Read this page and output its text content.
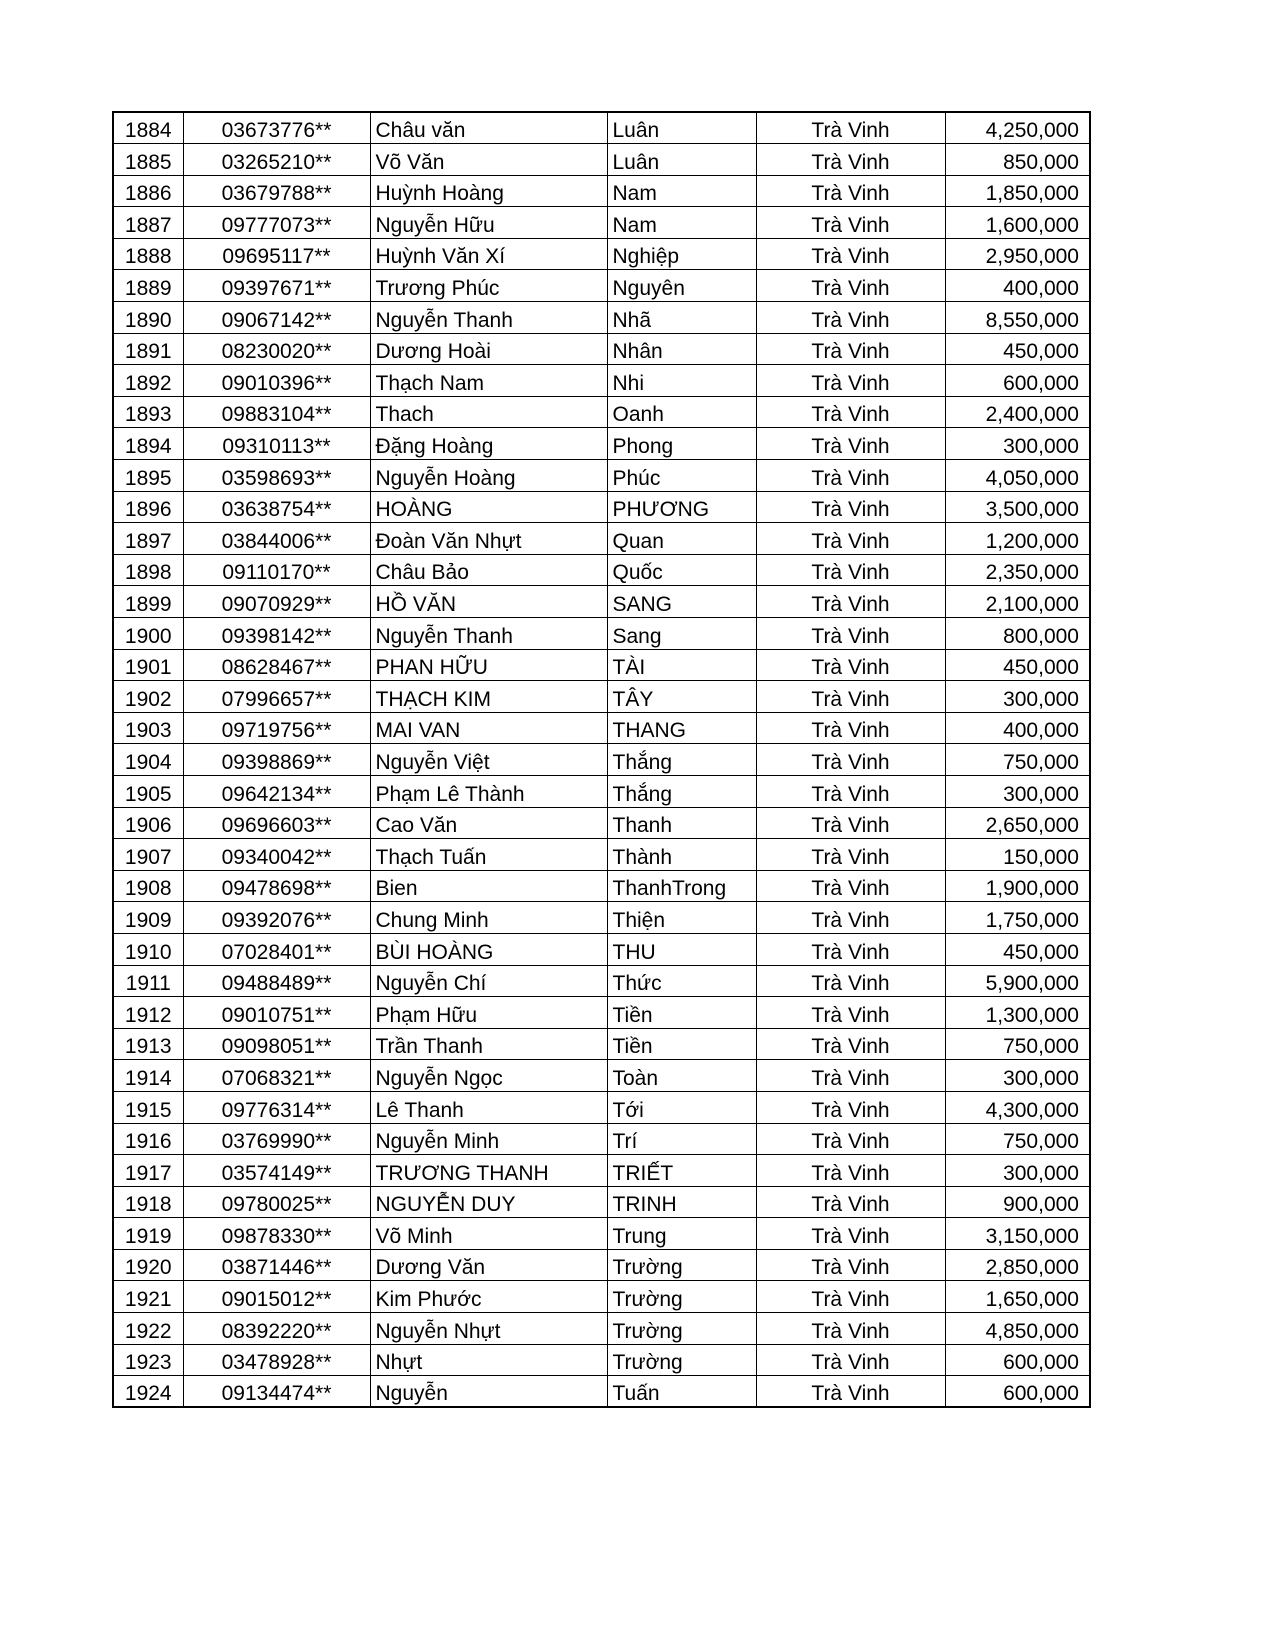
1884	03673776**	Châu văn	Luân	Trà Vinh	4,250,000
1885	03265210**	Võ Văn	Luân	Trà Vinh	850,000
1886	03679788**	Huỳnh Hoàng	Nam	Trà Vinh	1,850,000
1887	09777073**	Nguyễn Hữu	Nam	Trà Vinh	1,600,000
1888	09695117**	Huỳnh Văn Xí	Nghiệp	Trà Vinh	2,950,000
1889	09397671**	Trương Phúc	Nguyên	Trà Vinh	400,000
1890	09067142**	Nguyễn Thanh	Nhã	Trà Vinh	8,550,000
1891	08230020**	Dương Hoài	Nhân	Trà Vinh	450,000
1892	09010396**	Thạch Nam	Nhi	Trà Vinh	600,000
1893	09883104**	Thach	Oanh	Trà Vinh	2,400,000
1894	09310113**	Đặng Hoàng	Phong	Trà Vinh	300,000
1895	03598693**	Nguyễn Hoàng	Phúc	Trà Vinh	4,050,000
1896	03638754**	HOÀNG	PHƯƠNG	Trà Vinh	3,500,000
1897	03844006**	Đoàn Văn Nhựt	Quan	Trà Vinh	1,200,000
1898	09110170**	Châu Bảo	Quốc	Trà Vinh	2,350,000
1899	09070929**	HỒ VĂN	SANG	Trà Vinh	2,100,000
1900	09398142**	Nguyễn Thanh	Sang	Trà Vinh	800,000
1901	08628467**	PHAN HỮU	TÀI	Trà Vinh	450,000
1902	07996657**	THẠCH KIM	TÂY	Trà Vinh	300,000
1903	09719756**	MAI VAN	THANG	Trà Vinh	400,000
1904	09398869**	Nguyễn Việt	Thắng	Trà Vinh	750,000
1905	09642134**	Phạm Lê Thành	Thắng	Trà Vinh	300,000
1906	09696603**	Cao Văn	Thanh	Trà Vinh	2,650,000
1907	09340042**	Thạch Tuấn	Thành	Trà Vinh	150,000
1908	09478698**	Bien	ThanhTrong	Trà Vinh	1,900,000
1909	09392076**	Chung Minh	Thiện	Trà Vinh	1,750,000
1910	07028401**	BÙI HOÀNG	THU	Trà Vinh	450,000
1911	09488489**	Nguyễn Chí	Thức	Trà Vinh	5,900,000
1912	09010751**	Phạm Hữu	Tiền	Trà Vinh	1,300,000
1913	09098051**	Trần Thanh	Tiền	Trà Vinh	750,000
1914	07068321**	Nguyễn Ngọc	Toàn	Trà Vinh	300,000
1915	09776314**	Lê Thanh	Tới	Trà Vinh	4,300,000
1916	03769990**	Nguyễn Minh	Trí	Trà Vinh	750,000
1917	03574149**	TRƯƠNG THANH	TRIẾT	Trà Vinh	300,000
1918	09780025**	NGUYỄN DUY	TRINH	Trà Vinh	900,000
1919	09878330**	Võ Minh	Trung	Trà Vinh	3,150,000
1920	03871446**	Dương Văn	Trường	Trà Vinh	2,850,000
1921	09015012**	Kim Phước	Trường	Trà Vinh	1,650,000
1922	08392220**	Nguyễn Nhựt	Trường	Trà Vinh	4,850,000
1923	03478928**	Nhựt	Trường	Trà Vinh	600,000
1924	09134474**	Nguyễn	Tuấn	Trà Vinh	600,000
